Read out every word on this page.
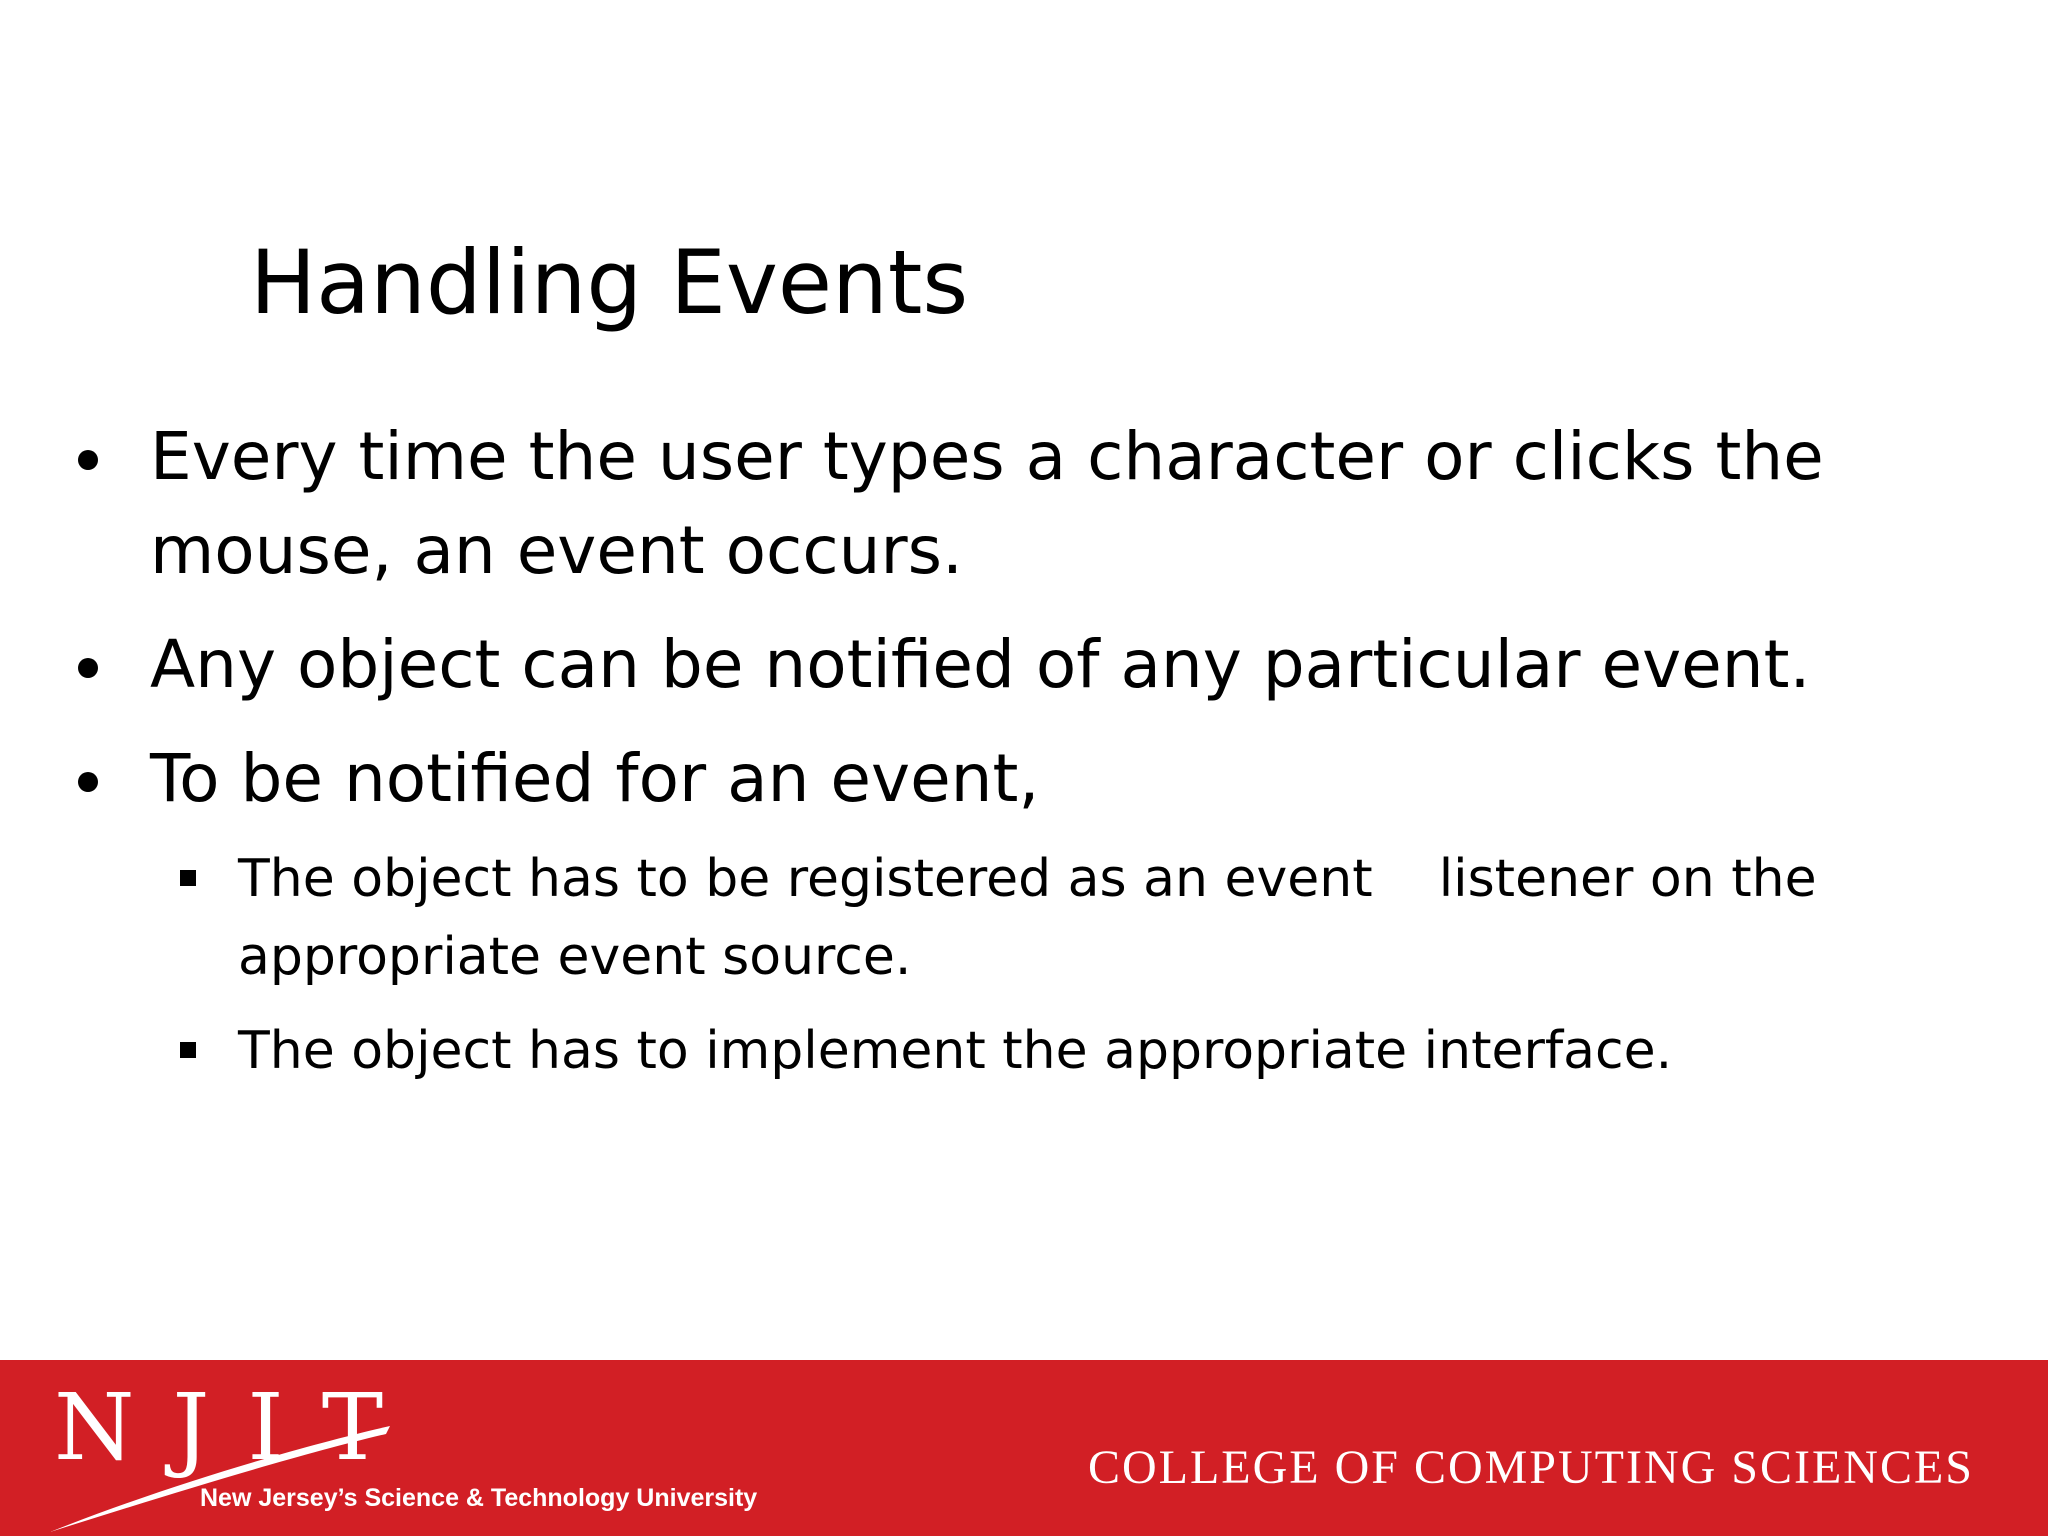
Handling Events
Every time the user types a character or clicks the mouse, an event occurs.
Any object can be notified of any particular event.
To be notified for an event,
The object has to be registered as an event    listener on the appropriate event source.
The object has to implement the appropriate interface.
NJIT
New Jersey’s Science & Technology University
COLLEGE OF COMPUTING SCIENCES
